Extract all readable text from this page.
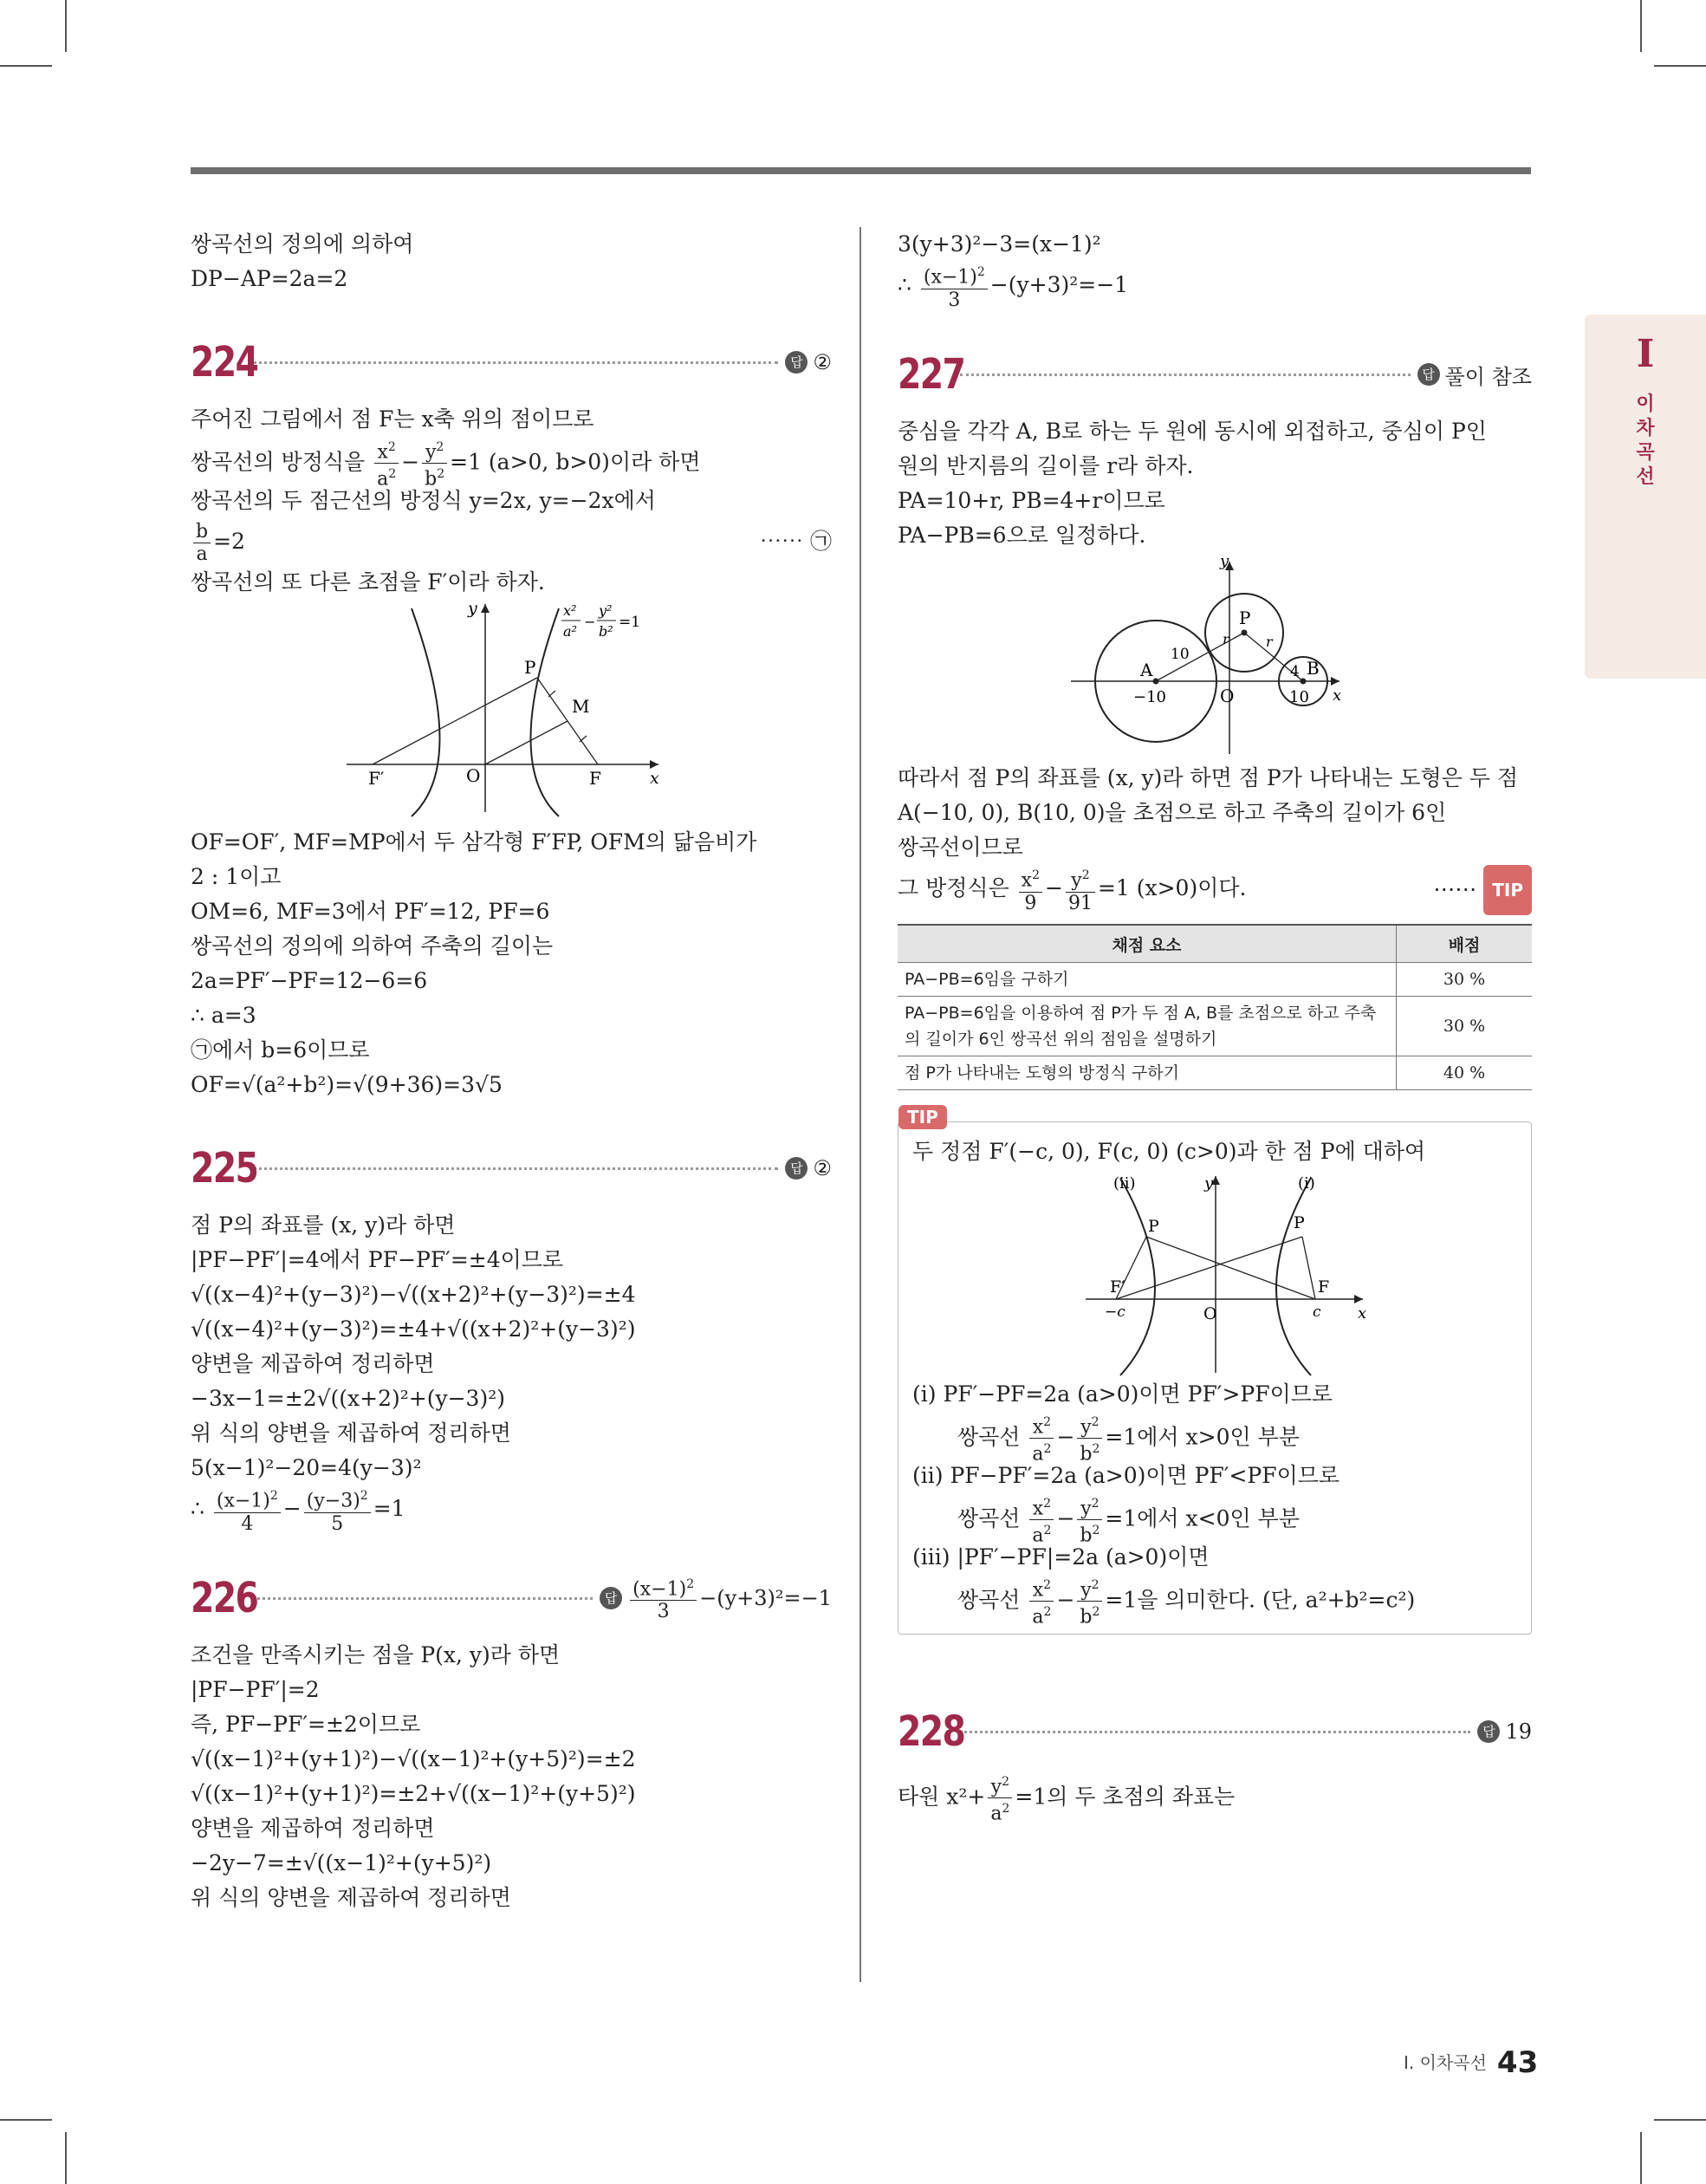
I
이
차
곡
선
쌍곡선의 정의에 의하여
DP−AP=2a=2
224	답 ②
주어진 그림에서 점 F는 x축 위의 점이므로
쌍곡선의 방정식을 $\frac{x^2}{a^2} - \frac{y^2}{b^2} =1$ (a>0, b>0)이라 하면
쌍곡선의 두 점근선의 방정식 y=2x, y=−2x에서
$\frac{b}{a} =2$	⋯⋯ ㉠
쌍곡선의 또 다른 초점을 F′이라 하자.
F′	O	F
P
M
x
y	x²
a²
−
y²
b²
=1
OF=OF′, MF=MP에서 두 삼각형 F′FP, OFM의 닮음비가
2 : 1이고
OM=6, MF=3에서 PF′=12, PF=6
쌍곡선의 정의에 의하여 주축의 길이는
2a=PF′−PF=12−6=6
∴ a=3
㉠에서 b=6이므로
OF=√(a²+b²)=√(9+36)=3√5
225	답 ②
점 P의 좌표를 (x, y)라 하면
|PF−PF′|=4에서 PF−PF′=±4이므로
√((x−4)²+(y−3)²)−√((x+2)²+(y−3)²)=±4
√((x−4)²+(y−3)²)=±4+√((x+2)²+(y−3)²)
양변을 제곱하여 정리하면
−3x−1=±2√((x+2)²+(y−3)²)
위 식의 양변을 제곱하여 정리하면
5(x−1)²−20=4(y−3)²
∴ $\frac{(x-1)^2}{4} - \frac{(y-3)^2}{5} =1$
226	답 $\frac{(x-1)^2}{3} -(y+3)^2=-1$
조건을 만족시키는 점을 P(x, y)라 하면
|PF−PF′|=2
즉, PF−PF′=±2이므로
√((x−1)²+(y+1)²)−√((x−1)²+(y+5)²)=±2
√((x−1)²+(y+1)²)=±2+√((x−1)²+(y+5)²)
양변을 제곱하여 정리하면
−2y−7=±√((x−1)²+(y+5)²)
위 식의 양변을 제곱하여 정리하면
3(y+3)²−3=(x−1)²
∴ $\frac{(x-1)^2}{3} -(y+3)^2=-1$
227	답 풀이 참조
중심을 각각 A, B로 하는 두 원에 동시에 외접하고, 중심이 P인
원의 반지름의 길이를 r라 하자.
PA=10+r, PB=4+r이므로
PA−PB=6으로 일정하다.
y
x
P
A	B
O
r	r
10
4
−10	10
따라서 점 P의 좌표를 (x, y)라 하면 점 P가 나타내는 도형은 두 점
A(−10, 0), B(10, 0)을 초점으로 하고 주축의 길이가 6인
쌍곡선이므로
그 방정식은 $\frac{x^2}{9} - \frac{y^2}{91} =1$ (x>0)이다.	⋯⋯ TIP
채점 요소	배점
PA−PB=6임을 구하기	30 %
PA−PB=6임을 이용하여 점 P가 두 점 A, B를 초점으로 하고 주축의 길이가 6인 쌍곡선 위의 점임을 설명하기	30 %
점 P가 나타내는 도형의 방정식 구하기	40 %
TIP
두 정점 F′(−c, 0), F(c, 0) (c>0)과 한 점 P에 대하여
(ii)	(i)
y
x
P	P
F′	F
O
−c	c
(i) PF′−PF=2a (a>0)이면 PF′>PF이므로
쌍곡선 $\frac{x^2}{a^2} - \frac{y^2}{b^2} =1$에서 x>0인 부분
(ii) PF−PF′=2a (a>0)이면 PF′<PF이므로
쌍곡선 $\frac{x^2}{a^2} - \frac{y^2}{b^2} =1$에서 x<0인 부분
(iii) |PF′−PF|=2a (a>0)이면
쌍곡선 $\frac{x^2}{a^2} - \frac{y^2}{b^2} =1$을 의미한다. (단, a²+b²=c²)
228	답 19
타원 $x^2+ \frac{y^2}{a^2} =1$의 두 초점의 좌표는
I. 이차곡선 43
